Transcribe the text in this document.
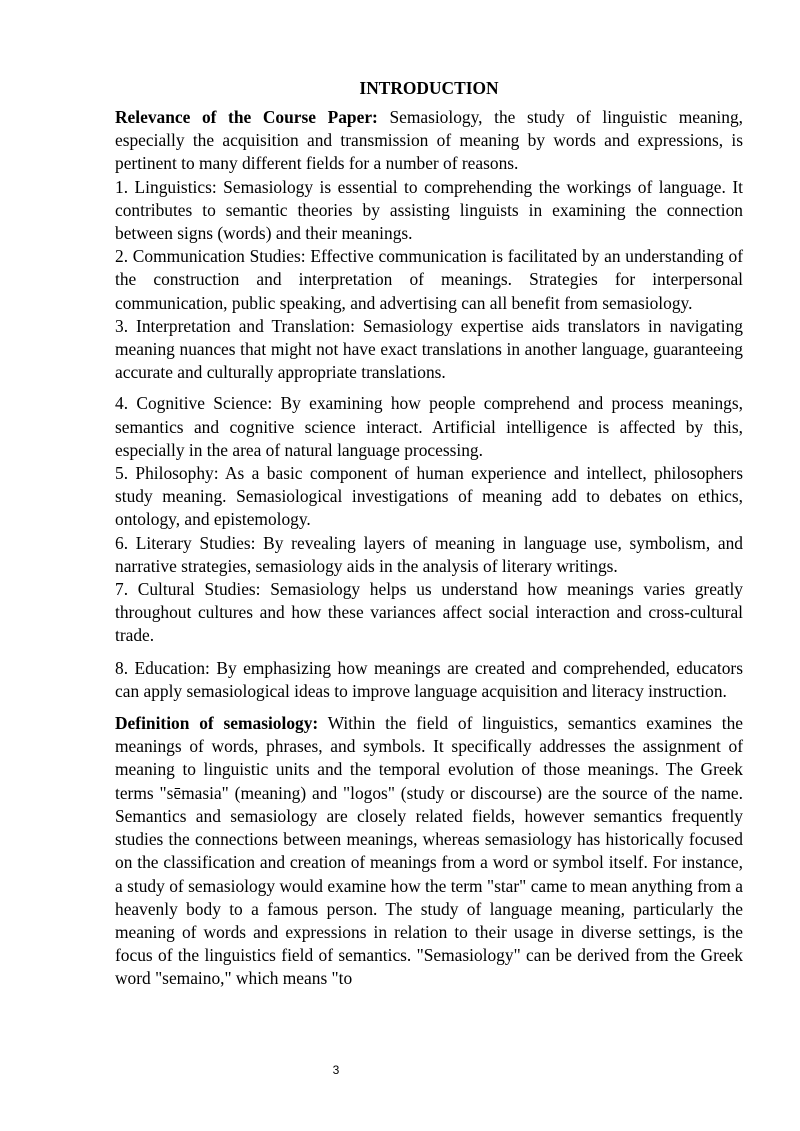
INTRODUCTION

Relevance of the Course Paper: Semasiology, the study of linguistic meaning, especially the acquisition and transmission of meaning by words and expressions, is pertinent to many different fields for a number of reasons.

1. Linguistics: Semasiology is essential to comprehending the workings of language. It contributes to semantic theories by assisting linguists in examining the connection between signs (words) and their meanings.

2. Communication Studies: Effective communication is facilitated by an understanding of the construction and interpretation of meanings. Strategies for interpersonal communication, public speaking, and advertising can all benefit from semasiology.

3. Interpretation and Translation: Semasiology expertise aids translators in navigating meaning nuances that might not have exact translations in another language, guaranteeing accurate and culturally appropriate translations.

4. Cognitive Science: By examining how people comprehend and process meanings, semantics and cognitive science interact. Artificial intelligence is affected by this, especially in the area of natural language processing.

5. Philosophy: As a basic component of human experience and intellect, philosophers study meaning. Semasiological investigations of meaning add to debates on ethics, ontology, and epistemology.

6. Literary Studies: By revealing layers of meaning in language use, symbolism, and narrative strategies, semasiology aids in the analysis of literary writings.

7. Cultural Studies: Semasiology helps us understand how meanings varies greatly throughout cultures and how these variances affect social interaction and cross-cultural trade.

8. Education: By emphasizing how meanings are created and comprehended, educators can apply semasiological ideas to improve language acquisition and literacy instruction.

Definition of semasiology: Within the field of linguistics, semantics examines the meanings of words, phrases, and symbols. It specifically addresses the assignment of meaning to linguistic units and the temporal evolution of those meanings. The Greek terms "sēmasia" (meaning) and "logos" (study or discourse) are the source of the name. Semantics and semasiology are closely related fields, however semantics frequently studies the connections between meanings, whereas semasiology has historically focused on the classification and creation of meanings from a word or symbol itself. For instance, a study of semasiology would examine how the term "star" came to mean anything from a heavenly body to a famous person. The study of language meaning, particularly the meaning of words and expressions in relation to their usage in diverse settings, is the focus of the linguistics field of semantics. "Semasiology" can be derived from the Greek word "semaino," which means "to

3
